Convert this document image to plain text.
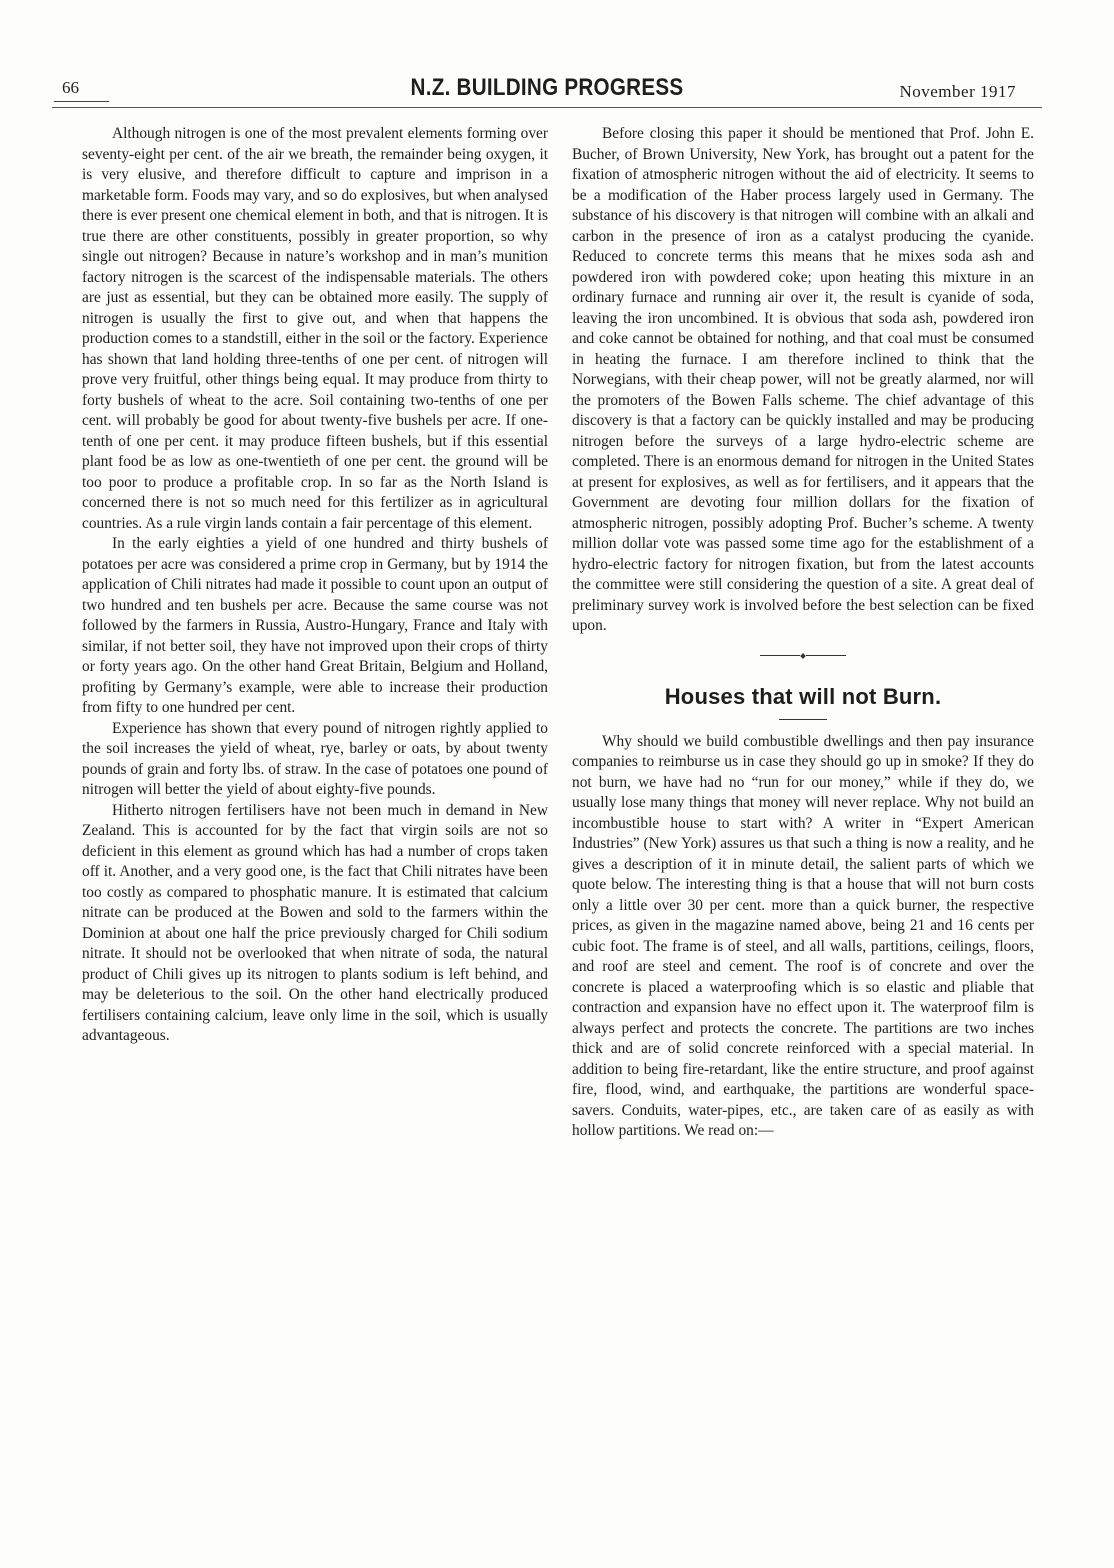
66	N.Z. BUILDING PROGRESS	November 1917

Although nitrogen is one of the most prevalent elements forming over seventy-eight per cent. of the air we breath, the remainder being oxygen, it is very elusive, and therefore difficult to capture and imprison in a marketable form. Foods may vary, and so do explosives, but when analysed there is ever present one chemical element in both, and that is nitrogen. It is true there are other constituents, possibly in greater proportion, so why single out nitrogen? Because in nature’s workshop and in man’s munition factory nitrogen is the scarcest of the indispensable materials. The others are just as essential, but they can be obtained more easily. The supply of nitrogen is usually the first to give out, and when that happens the production comes to a standstill, either in the soil or the factory. Experience has shown that land holding three-tenths of one per cent. of nitrogen will prove very fruitful, other things being equal. It may produce from thirty to forty bushels of wheat to the acre. Soil containing two-tenths of one per cent. will probably be good for about twenty-five bushels per acre. If one-tenth of one per cent. it may produce fifteen bushels, but if this essential plant food be as low as one-twentieth of one per cent. the ground will be too poor to produce a profitable crop. In so far as the North Island is concerned there is not so much need for this fertilizer as in agricultural countries. As a rule virgin lands contain a fair percentage of this element.

In the early eighties a yield of one hundred and thirty bushels of potatoes per acre was considered a prime crop in Germany, but by 1914 the application of Chili nitrates had made it possible to count upon an output of two hundred and ten bushels per acre. Because the same course was not followed by the farmers in Russia, Austro-Hungary, France and Italy with similar, if not better soil, they have not improved upon their crops of thirty or forty years ago. On the other hand Great Britain, Belgium and Holland, profiting by Germany’s example, were able to increase their production from fifty to one hundred per cent.

Experience has shown that every pound of nitrogen rightly applied to the soil increases the yield of wheat, rye, barley or oats, by about twenty pounds of grain and forty lbs. of straw. In the case of potatoes one pound of nitrogen will better the yield of about eighty-five pounds.

Hitherto nitrogen fertilisers have not been much in demand in New Zealand. This is accounted for by the fact that virgin soils are not so deficient in this element as ground which has had a number of crops taken off it. Another, and a very good one, is the fact that Chili nitrates have been too costly as compared to phosphatic manure. It is estimated that calcium nitrate can be produced at the Bowen and sold to the farmers within the Dominion at about one half the price previously charged for Chili sodium nitrate. It should not be overlooked that when nitrate of soda, the natural product of Chili gives up its nitrogen to plants sodium is left behind, and may be deleterious to the soil. On the other hand electrically produced fertilisers containing calcium, leave only lime in the soil, which is usually advantageous.

Before closing this paper it should be mentioned that Prof. John E. Bucher, of Brown University, New York, has brought out a patent for the fixation of atmospheric nitrogen without the aid of electricity. It seems to be a modification of the Haber process largely used in Germany. The substance of his discovery is that nitrogen will combine with an alkali and carbon in the presence of iron as a catalyst producing the cyanide. Reduced to concrete terms this means that he mixes soda ash and powdered iron with powdered coke; upon heating this mixture in an ordinary furnace and running air over it, the result is cyanide of soda, leaving the iron uncombined. It is obvious that soda ash, powdered iron and coke cannot be obtained for nothing, and that coal must be consumed in heating the furnace. I am therefore inclined to think that the Norwegians, with their cheap power, will not be greatly alarmed, nor will the promoters of the Bowen Falls scheme. The chief advantage of this discovery is that a factory can be quickly installed and may be producing nitrogen before the surveys of a large hydro-electric scheme are completed. There is an enormous demand for nitrogen in the United States at present for explosives, as well as for fertilisers, and it appears that the Government are devoting four million dollars for the fixation of atmospheric nitrogen, possibly adopting Prof. Bucher’s scheme. A twenty million dollar vote was passed some time ago for the establishment of a hydro-electric factory for nitrogen fixation, but from the latest accounts the committee were still considering the question of a site. A great deal of preliminary survey work is involved before the best selection can be fixed upon.

Houses that will not Burn.

Why should we build combustible dwellings and then pay insurance companies to reimburse us in case they should go up in smoke? If they do not burn, we have had no “run for our money,” while if they do, we usually lose many things that money will never replace. Why not build an incombustible house to start with? A writer in “Expert American Industries” (New York) assures us that such a thing is now a reality, and he gives a description of it in minute detail, the salient parts of which we quote below. The interesting thing is that a house that will not burn costs only a little over 30 per cent. more than a quick burner, the respective prices, as given in the magazine named above, being 21 and 16 cents per cubic foot. The frame is of steel, and all walls, partitions, ceilings, floors, and roof are steel and cement. The roof is of concrete and over the concrete is placed a waterproofing which is so elastic and pliable that contraction and expansion have no effect upon it. The waterproof film is always perfect and protects the concrete. The partitions are two inches thick and are of solid concrete reinforced with a special material. In addition to being fire-retardant, like the entire structure, and proof against fire, flood, wind, and earthquake, the partitions are wonderful space-savers. Conduits, water-pipes, etc., are taken care of as easily as with hollow partitions. We read on:—
